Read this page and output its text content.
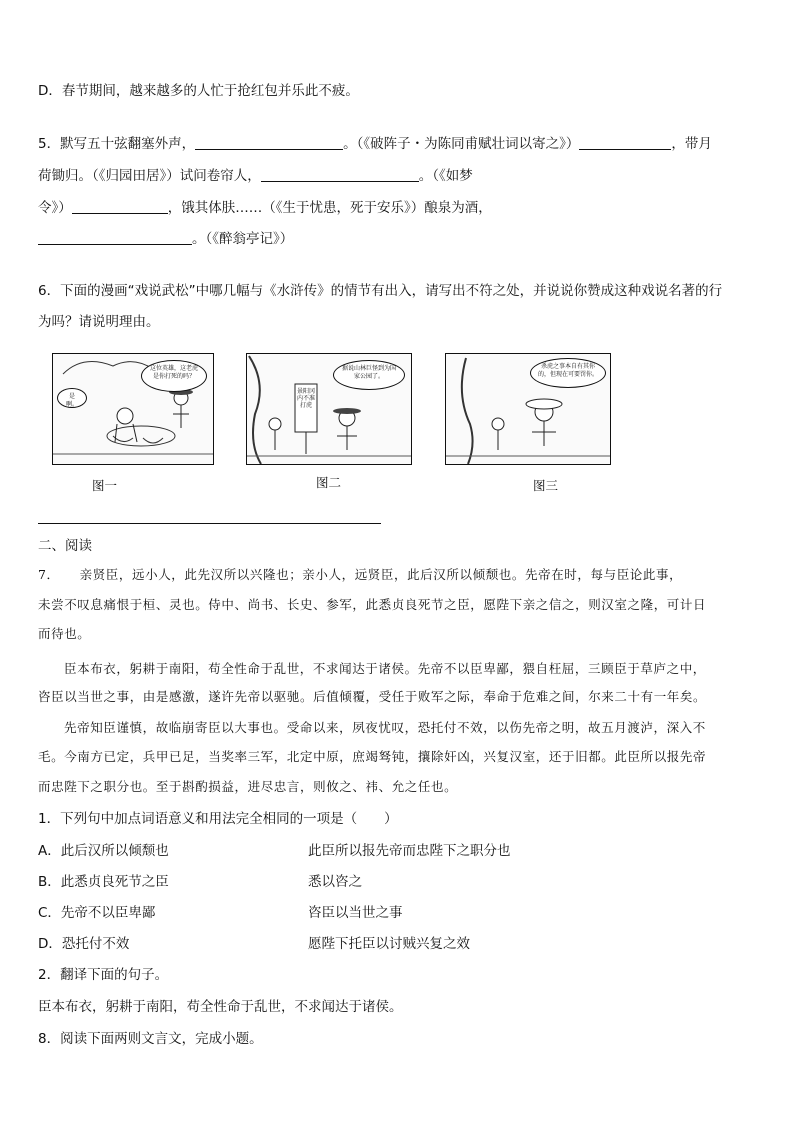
D．春节期间，越来越多的人忙于抢红包并乐此不疲。
5．默写五十弦翻塞外声，	。（《破阵子・为陈同甫赋壮词以寄之》）	，带月
荷锄归。（《归园田居》）试问卷帘人，	。（《如梦
令》）	，饿其体肤……（《生于忧患，死于安乐》）酿泉为酒，
。（《醉翁亭记》）
6．下面的漫画“戏说武松”中哪几幅与《水浒传》的情节有出入，请写出不符之处，并说说你赞成这种戏说名著的行
为吗？请说明理由。
是啊。
这位英雄，这老虎是你打死的吗？
景阳冈内不准打虎
据说山林巨怪到为国家公园了。
杀虎之事本自有其你的，但现在可要罚你。
图一	图二	图三
二、阅读
7．　　亲贤臣，远小人，此先汉所以兴隆也；亲小人，远贤臣，此后汉所以倾颓也。先帝在时，每与臣论此事，
未尝不叹息痛恨于桓、灵也。侍中、尚书、长史、参军，此悉贞良死节之臣，愿陛下亲之信之，则汉室之隆，可计日
而待也。
臣本布衣，躬耕于南阳，苟全性命于乱世，不求闻达于诸侯。先帝不以臣卑鄙，猥自枉屈，三顾臣于草庐之中，
咨臣以当世之事，由是感激，遂许先帝以驱驰。后值倾覆，受任于败军之际，奉命于危难之间，尔来二十有一年矣。
先帝知臣谨慎，故临崩寄臣以大事也。受命以来，夙夜忧叹，恐托付不效，以伤先帝之明，故五月渡泸，深入不
毛。今南方已定，兵甲已足，当奖率三军，北定中原，庶竭驽钝，攘除奸凶，兴复汉室，还于旧都。此臣所以报先帝
而忠陛下之职分也。至于斟酌损益，进尽忠言，则攸之、祎、允之任也。
1．下列句中加点词语意义和用法完全相同的一项是（　　）
A．此后汉所以倾颓也	此臣所以报先帝而忠陛下之职分也
B．此悉贞良死节之臣	悉以咨之
C．先帝不以臣卑鄙	咨臣以当世之事
D．恐托付不效	愿陛下托臣以讨贼兴复之效
2．翻译下面的句子。
臣本布衣，躬耕于南阳，苟全性命于乱世，不求闻达于诸侯。
8．阅读下面两则文言文，完成小题。
